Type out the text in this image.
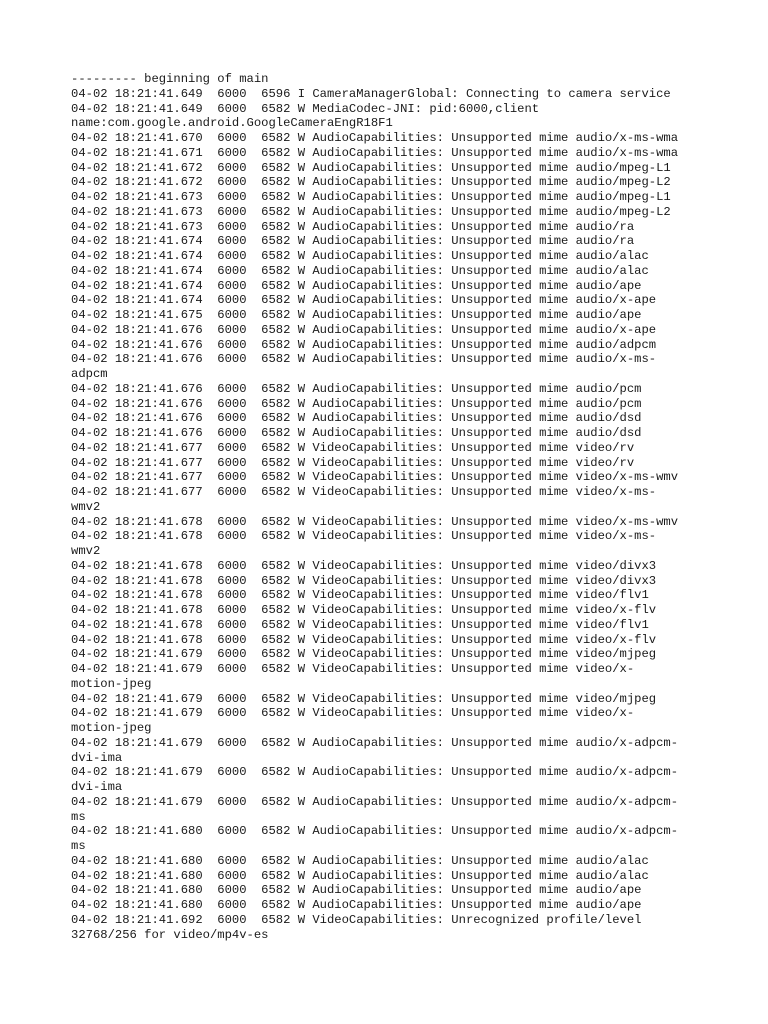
--------- beginning of main
04-02 18:21:41.649  6000  6596 I CameraManagerGlobal: Connecting to camera service
04-02 18:21:41.649  6000  6582 W MediaCodec-JNI: pid:6000,client
name:com.google.android.GoogleCameraEngR18F1
04-02 18:21:41.670  6000  6582 W AudioCapabilities: Unsupported mime audio/x-ms-wma
04-02 18:21:41.671  6000  6582 W AudioCapabilities: Unsupported mime audio/x-ms-wma
04-02 18:21:41.672  6000  6582 W AudioCapabilities: Unsupported mime audio/mpeg-L1
04-02 18:21:41.672  6000  6582 W AudioCapabilities: Unsupported mime audio/mpeg-L2
04-02 18:21:41.673  6000  6582 W AudioCapabilities: Unsupported mime audio/mpeg-L1
04-02 18:21:41.673  6000  6582 W AudioCapabilities: Unsupported mime audio/mpeg-L2
04-02 18:21:41.673  6000  6582 W AudioCapabilities: Unsupported mime audio/ra
04-02 18:21:41.674  6000  6582 W AudioCapabilities: Unsupported mime audio/ra
04-02 18:21:41.674  6000  6582 W AudioCapabilities: Unsupported mime audio/alac
04-02 18:21:41.674  6000  6582 W AudioCapabilities: Unsupported mime audio/alac
04-02 18:21:41.674  6000  6582 W AudioCapabilities: Unsupported mime audio/ape
04-02 18:21:41.674  6000  6582 W AudioCapabilities: Unsupported mime audio/x-ape
04-02 18:21:41.675  6000  6582 W AudioCapabilities: Unsupported mime audio/ape
04-02 18:21:41.676  6000  6582 W AudioCapabilities: Unsupported mime audio/x-ape
04-02 18:21:41.676  6000  6582 W AudioCapabilities: Unsupported mime audio/adpcm
04-02 18:21:41.676  6000  6582 W AudioCapabilities: Unsupported mime audio/x-ms-
adpcm
04-02 18:21:41.676  6000  6582 W AudioCapabilities: Unsupported mime audio/pcm
04-02 18:21:41.676  6000  6582 W AudioCapabilities: Unsupported mime audio/pcm
04-02 18:21:41.676  6000  6582 W AudioCapabilities: Unsupported mime audio/dsd
04-02 18:21:41.676  6000  6582 W AudioCapabilities: Unsupported mime audio/dsd
04-02 18:21:41.677  6000  6582 W VideoCapabilities: Unsupported mime video/rv
04-02 18:21:41.677  6000  6582 W VideoCapabilities: Unsupported mime video/rv
04-02 18:21:41.677  6000  6582 W VideoCapabilities: Unsupported mime video/x-ms-wmv
04-02 18:21:41.677  6000  6582 W VideoCapabilities: Unsupported mime video/x-ms-
wmv2
04-02 18:21:41.678  6000  6582 W VideoCapabilities: Unsupported mime video/x-ms-wmv
04-02 18:21:41.678  6000  6582 W VideoCapabilities: Unsupported mime video/x-ms-
wmv2
04-02 18:21:41.678  6000  6582 W VideoCapabilities: Unsupported mime video/divx3
04-02 18:21:41.678  6000  6582 W VideoCapabilities: Unsupported mime video/divx3
04-02 18:21:41.678  6000  6582 W VideoCapabilities: Unsupported mime video/flv1
04-02 18:21:41.678  6000  6582 W VideoCapabilities: Unsupported mime video/x-flv
04-02 18:21:41.678  6000  6582 W VideoCapabilities: Unsupported mime video/flv1
04-02 18:21:41.678  6000  6582 W VideoCapabilities: Unsupported mime video/x-flv
04-02 18:21:41.679  6000  6582 W VideoCapabilities: Unsupported mime video/mjpeg
04-02 18:21:41.679  6000  6582 W VideoCapabilities: Unsupported mime video/x-
motion-jpeg
04-02 18:21:41.679  6000  6582 W VideoCapabilities: Unsupported mime video/mjpeg
04-02 18:21:41.679  6000  6582 W VideoCapabilities: Unsupported mime video/x-
motion-jpeg
04-02 18:21:41.679  6000  6582 W AudioCapabilities: Unsupported mime audio/x-adpcm-
dvi-ima
04-02 18:21:41.679  6000  6582 W AudioCapabilities: Unsupported mime audio/x-adpcm-
dvi-ima
04-02 18:21:41.679  6000  6582 W AudioCapabilities: Unsupported mime audio/x-adpcm-
ms
04-02 18:21:41.680  6000  6582 W AudioCapabilities: Unsupported mime audio/x-adpcm-
ms
04-02 18:21:41.680  6000  6582 W AudioCapabilities: Unsupported mime audio/alac
04-02 18:21:41.680  6000  6582 W AudioCapabilities: Unsupported mime audio/alac
04-02 18:21:41.680  6000  6582 W AudioCapabilities: Unsupported mime audio/ape
04-02 18:21:41.680  6000  6582 W AudioCapabilities: Unsupported mime audio/ape
04-02 18:21:41.692  6000  6582 W VideoCapabilities: Unrecognized profile/level
32768/256 for video/mp4v-es
